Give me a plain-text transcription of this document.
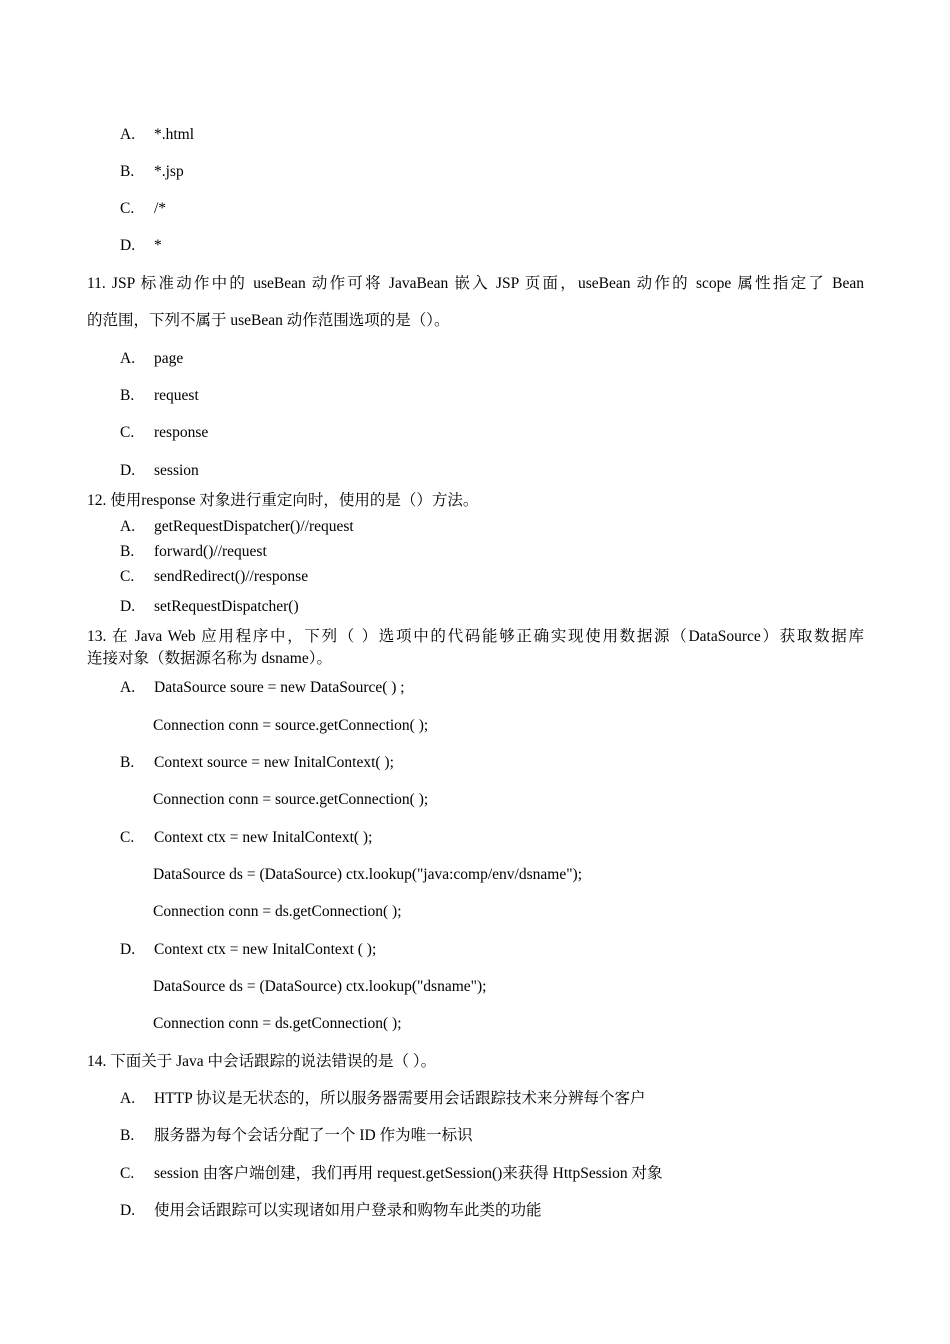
A. *.html
B. *.jsp
C. /*
D. *
11. JSP 标准动作中的 useBean 动作可将 JavaBean 嵌入 JSP 页面，useBean 动作的 scope 属性指定了 Bean
的范围，下列不属于 useBean 动作范围选项的是（）。
A. page
B. request
C. response
D. session
12. 使用response 对象进行重定向时，使用的是（）方法。
A. getRequestDispatcher()//request
B. forward()//request
C. sendRedirect()//response
D. setRequestDispatcher()
13. 在 Java Web 应用程序中，下列（ ）选项中的代码能够正确实现使用数据源（DataSource）获取数据库
连接对象（数据源名称为 dsname）。
A. DataSource soure = new DataSource( ) ;
Connection conn = source.getConnection( );
B. Context source = new InitalContext( );
Connection conn = source.getConnection( );
C. Context ctx = new InitalContext( );
DataSource ds = (DataSource) ctx.lookup("java:comp/env/dsname");
Connection conn = ds.getConnection( );
D. Context ctx = new InitalContext ( );
DataSource ds = (DataSource) ctx.lookup("dsname");
Connection conn = ds.getConnection( );
14. 下面关于 Java 中会话跟踪的说法错误的是（ ）。
A. HTTP 协议是无状态的，所以服务器需要用会话跟踪技术来分辨每个客户
B. 服务器为每个会话分配了一个 ID 作为唯一标识
C. session 由客户端创建，我们再用 request.getSession()来获得 HttpSession 对象
D. 使用会话跟踪可以实现诸如用户登录和购物车此类的功能
